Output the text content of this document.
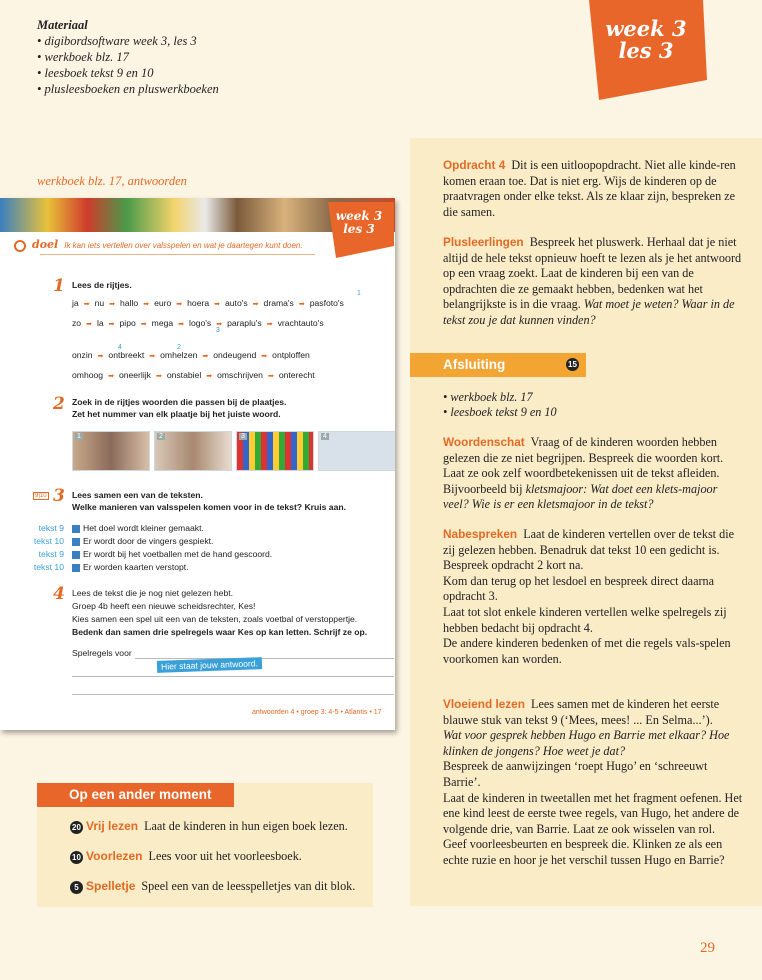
Materiaal
• digibordsoftware week 3, les 3
• werkboek blz. 17
• leesboek tekst 9 en 10
• plusleesboeken en pluswerkboeken
week 3
les 3
werkboek blz. 17, antwoorden
week 3
les 3
doel Ik kan iets vertellen over valsspelen en wat je daartegen kunt doen.
1 Lees de rijtjes.
ja ➡ nu ➡ hallo ➡ euro ➡ hoera ➡ auto's ➡ drama's ➡ pasfoto's
1
zo ➡ la ➡ pipo ➡ mega ➡ logo's ➡ paraplu's ➡ vrachtauto's
3
4	2
onzin ➡ ontbreekt ➡ omhelzen ➡ ondeugend ➡ ontploffen
omhoog ➡ oneerlijk ➡ onstabiel ➡ omschrijven ➡ onterecht
2 Zoek in de rijtjes woorden die passen bij de plaatjes.
Zet het nummer van elk plaatje bij het juiste woord.
1	2	3	4
9|10 3 Lees samen een van de teksten.
Welke manieren van valsspelen komen voor in de tekst? Kruis aan.
tekst 9	Het doel wordt kleiner gemaakt.
tekst 10	Er wordt door de vingers gespiekt.
tekst 9	Er wordt bij het voetballen met de hand gescoord.
tekst 10	Er worden kaarten verstopt.
4 Lees de tekst die je nog niet gelezen hebt.
Groep 4b heeft een nieuwe scheidsrechter, Kes!
Kies samen een spel uit een van de teksten, zoals voetbal of verstoppertje.
Bedenk dan samen drie spelregels waar Kes op kan letten. Schrijf ze op.
Spelregels voor
Hier staat jouw antwoord.
antwoorden 4 • groep 3: 4-5 • Atlantis • 17
Opdracht 4 Dit is een uitloopopdracht. Niet alle kinde-ren komen eraan toe. Dat is niet erg. Wijs de kinderen op de praatvragen onder elke tekst. Als ze klaar zijn, bespreken ze die samen.
Plusleerlingen Bespreek het pluswerk. Herhaal dat je niet altijd de hele tekst opnieuw hoeft te lezen als je het antwoord op een vraag zoekt. Laat de kinderen bij een van de opdrachten die ze gemaakt hebben, bedenken wat het belangrijkste is in die vraag. Wat moet je weten? Waar in de tekst zou je dat kunnen vinden?
Afsluiting	15
• werkboek blz. 17
• leesboek tekst 9 en 10
Woordenschat Vraag of de kinderen woorden hebben gelezen die ze niet begrijpen. Bespreek die woorden kort. Laat ze ook zelf woordbetekenissen uit de tekst afleiden. Bijvoorbeeld bij kletsmajoor: Wat doet een klets-majoor veel? Wie is er een kletsmajoor in de tekst?
Nabespreken Laat de kinderen vertellen over de tekst die zij gelezen hebben. Benadruk dat tekst 10 een gedicht is.
Bespreek opdracht 2 kort na.
Kom dan terug op het lesdoel en bespreek direct daarna opdracht 3.
Laat tot slot enkele kinderen vertellen welke spelregels zij hebben bedacht bij opdracht 4.
De andere kinderen bedenken of met die regels vals-spelen voorkomen kan worden.
Vloeiend lezen Lees samen met de kinderen het eerste blauwe stuk van tekst 9 (‘Mees, mees! ... En Selma...’).
Wat voor gesprek hebben Hugo en Barrie met elkaar? Hoe klinken de jongens? Hoe weet je dat?
Bespreek de aanwijzingen ‘roept Hugo’ en ‘schreeuwt Barrie’.
Laat de kinderen in tweetallen met het fragment oefenen. Het ene kind leest de eerste twee regels, van Hugo, het andere de volgende drie, van Barrie. Laat ze ook wisselen van rol.
Geef voorleesbeurten en bespreek die. Klinken ze als een echte ruzie en hoor je het verschil tussen Hugo en Barrie?
Op een ander moment
20 Vrij lezen Laat de kinderen in hun eigen boek lezen.
10 Voorlezen Lees voor uit het voorleesboek.
5 Spelletje Speel een van de leesspelletjes van dit blok.
29
